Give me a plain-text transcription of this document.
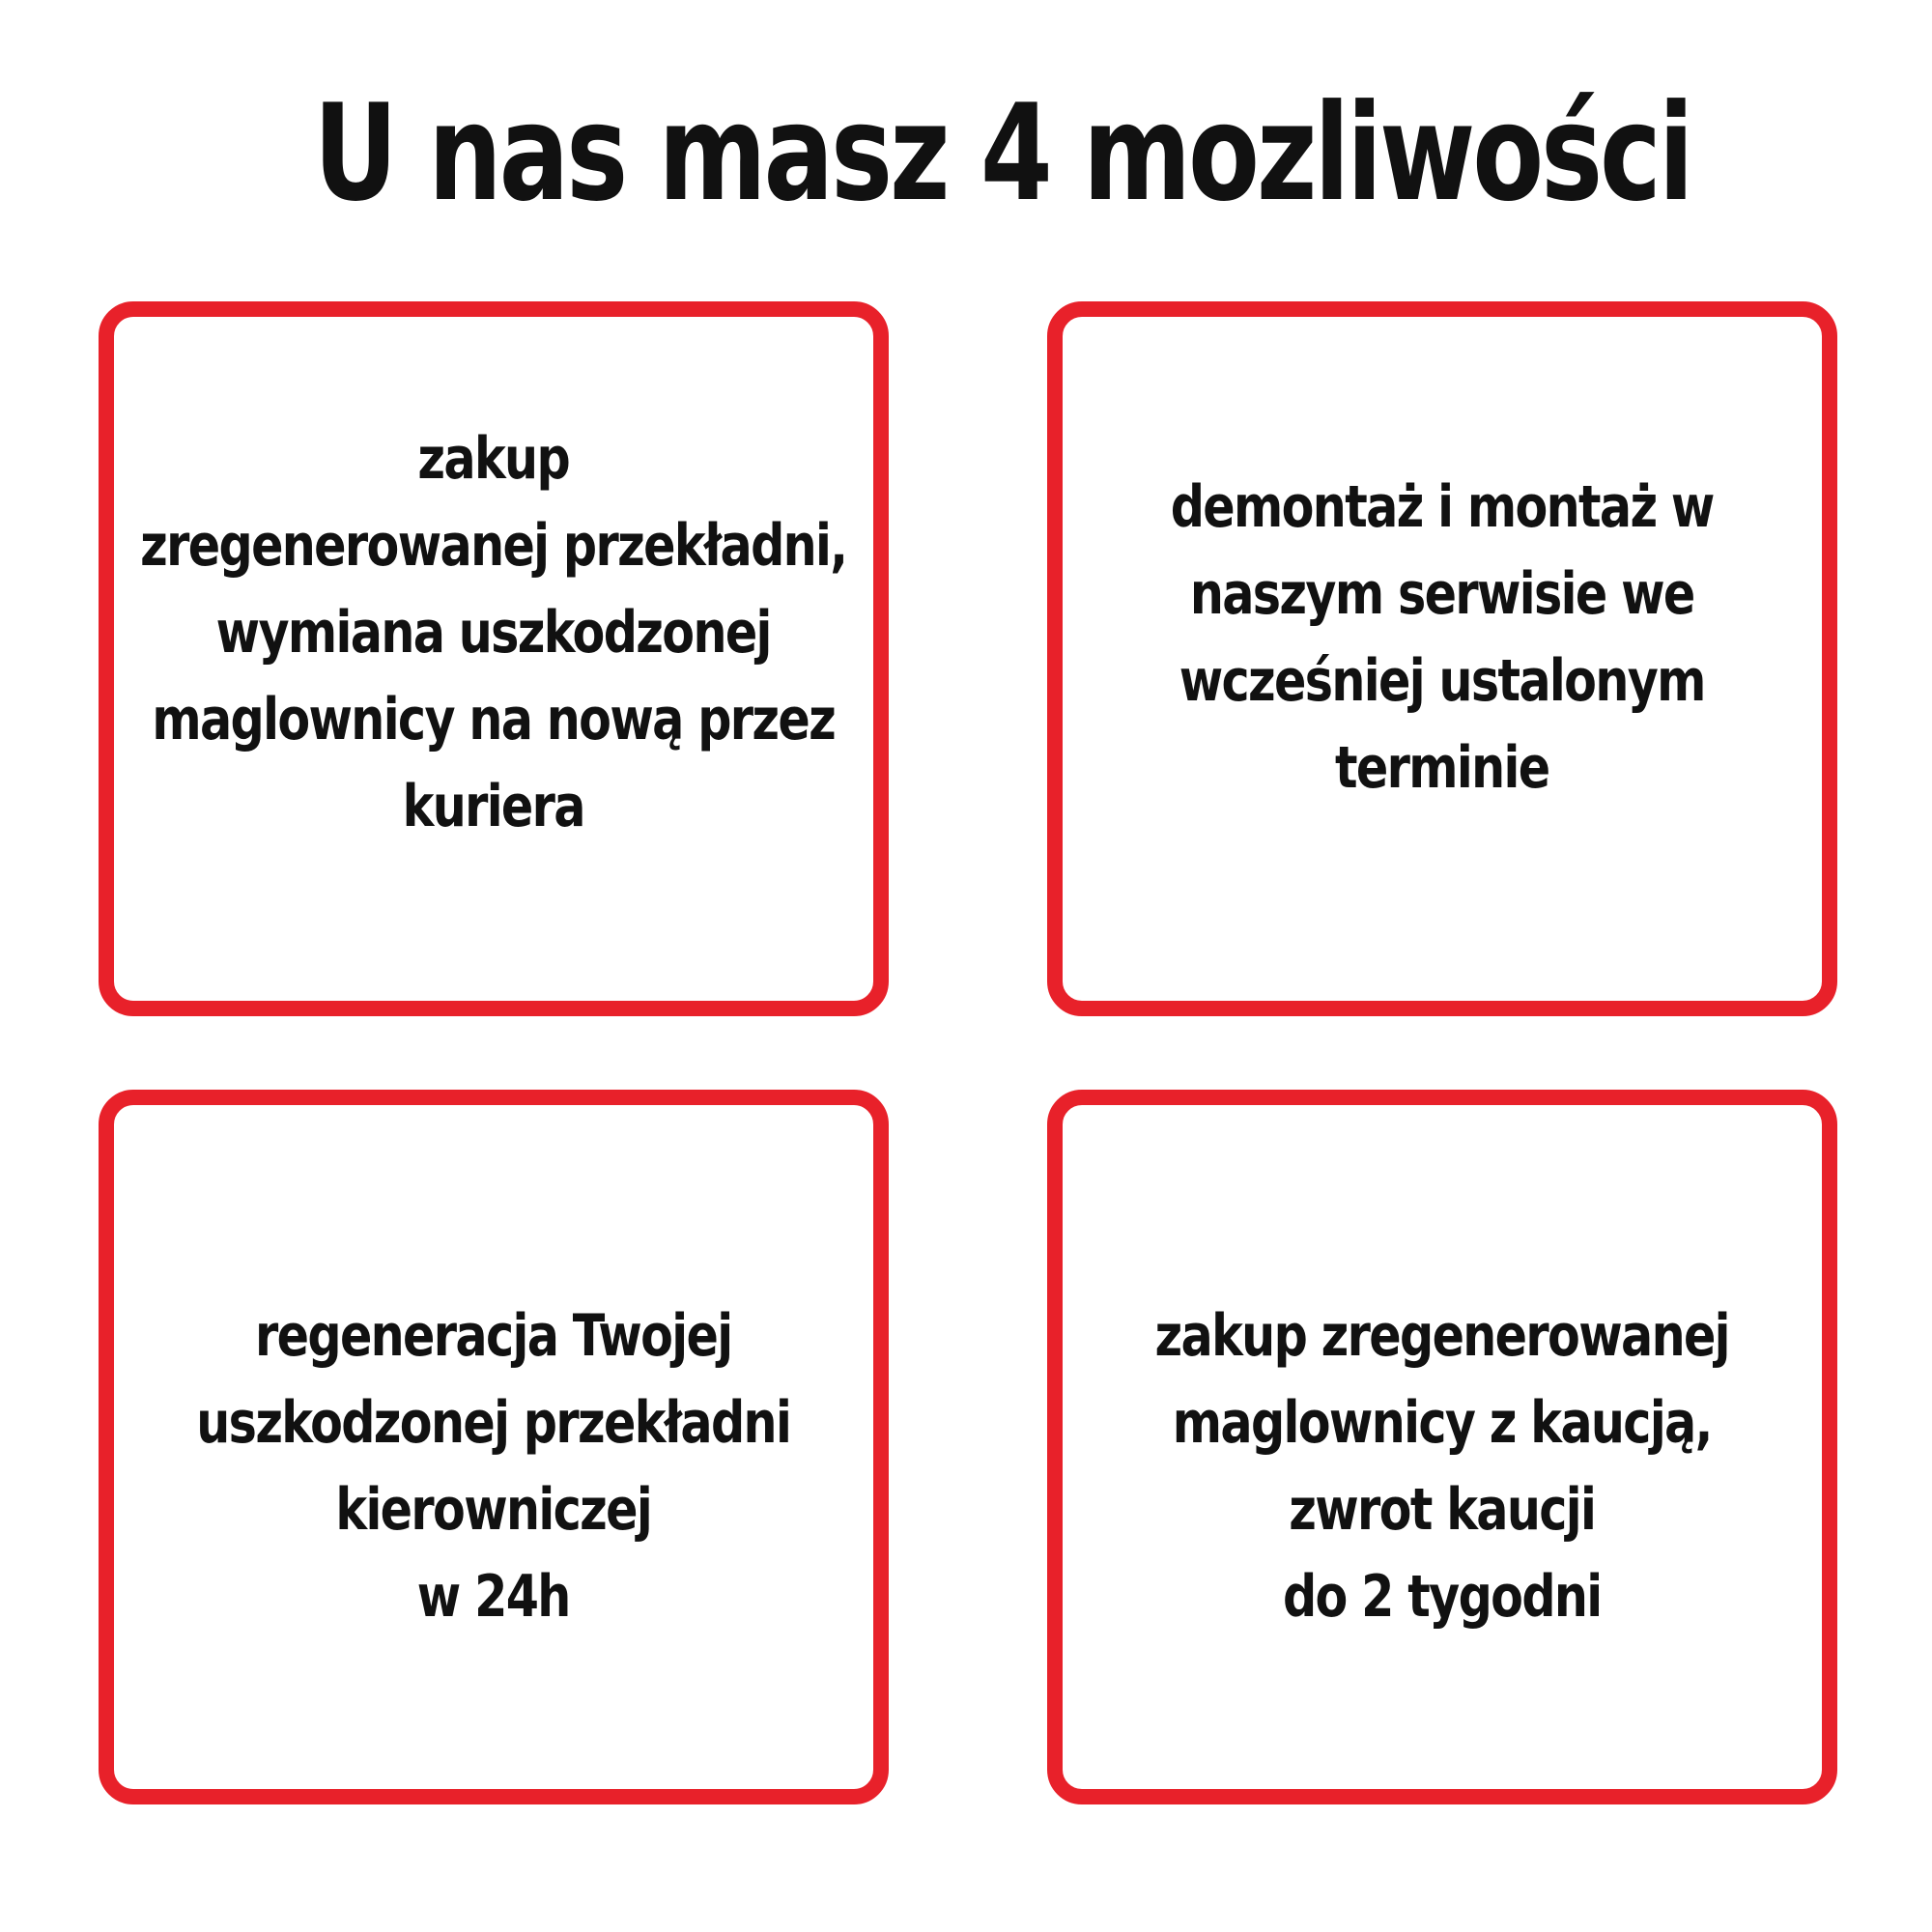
U nas masz 4 mozliwości
zakup
zregenerowanej przekładni,
wymiana uszkodzonej
maglownicy na nową przez
kuriera
demontaż i montaż w
naszym serwisie we
wcześniej ustalonym
terminie
regeneracja Twojej
uszkodzonej przekładni
kierowniczej
w 24h
zakup zregenerowanej
maglownicy z kaucją,
zwrot kaucji
do 2 tygodni
